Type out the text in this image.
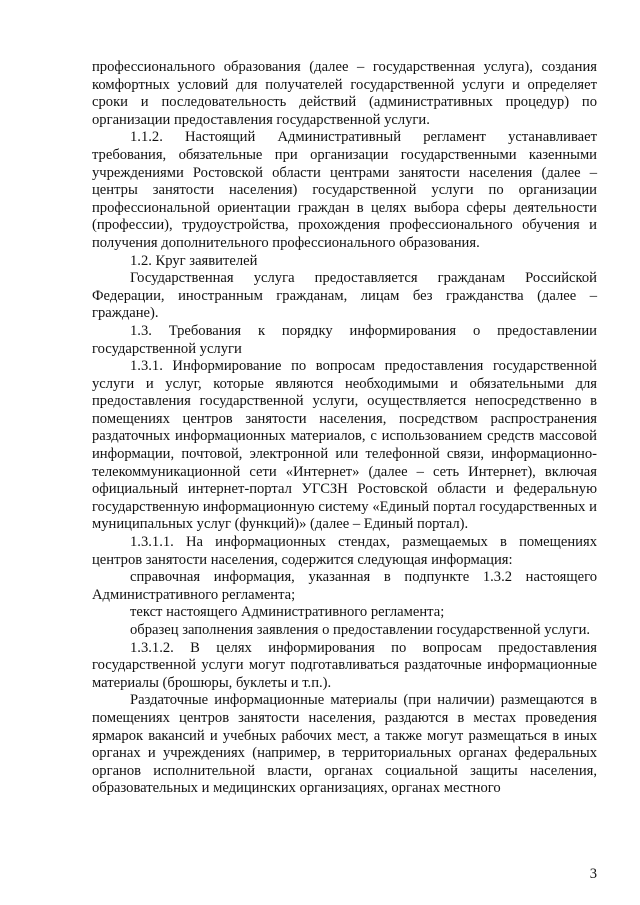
профессионального образования (далее – государственная услуга), создания комфортных условий для получателей государственной услуги и определяет сроки и последовательность действий (административных процедур) по организации предоставления государственной услуги.

1.1.2. Настоящий Административный регламент устанавливает требования, обязательные при организации государственными казенными учреждениями Ростовской области центрами занятости населения (далее – центры занятости населения) государственной услуги по организации профессиональной ориентации граждан в целях выбора сферы деятельности (профессии), трудоустройства, прохождения профессионального обучения и получения дополнительного профессионального образования.

1.2. Круг заявителей

Государственная услуга предоставляется гражданам Российской Федерации, иностранным гражданам, лицам без гражданства (далее – граждане).

1.3. Требования к порядку информирования о предоставлении государственной услуги

1.3.1. Информирование по вопросам предоставления государственной услуги и услуг, которые являются необходимыми и обязательными для предоставления государственной услуги, осуществляется непосредственно в помещениях центров занятости населения, посредством распространения раздаточных информационных материалов, с использованием средств массовой информации, почтовой, электронной или телефонной связи, информационно-телекоммуникационной сети «Интернет» (далее – сеть Интернет), включая официальный интернет-портал УГСЗН Ростовской области и федеральную государственную информационную систему «Единый портал государственных и муниципальных услуг (функций)» (далее – Единый портал).

1.3.1.1. На информационных стендах, размещаемых в помещениях центров занятости населения, содержится следующая информация:

справочная информация, указанная в подпункте 1.3.2 настоящего Административного регламента;

текст настоящего Административного регламента;

образец заполнения заявления о предоставлении государственной услуги.

1.3.1.2. В целях информирования по вопросам предоставления государственной услуги могут подготавливаться раздаточные информационные материалы (брошюры, буклеты и т.п.).

Раздаточные информационные материалы (при наличии) размещаются в помещениях центров занятости населения, раздаются в местах проведения ярмарок вакансий и учебных рабочих мест, а также могут размещаться в иных органах и учреждениях (например, в территориальных органах федеральных органов исполнительной власти, органах социальной защиты населения, образовательных и медицинских организациях, органах местного

3
